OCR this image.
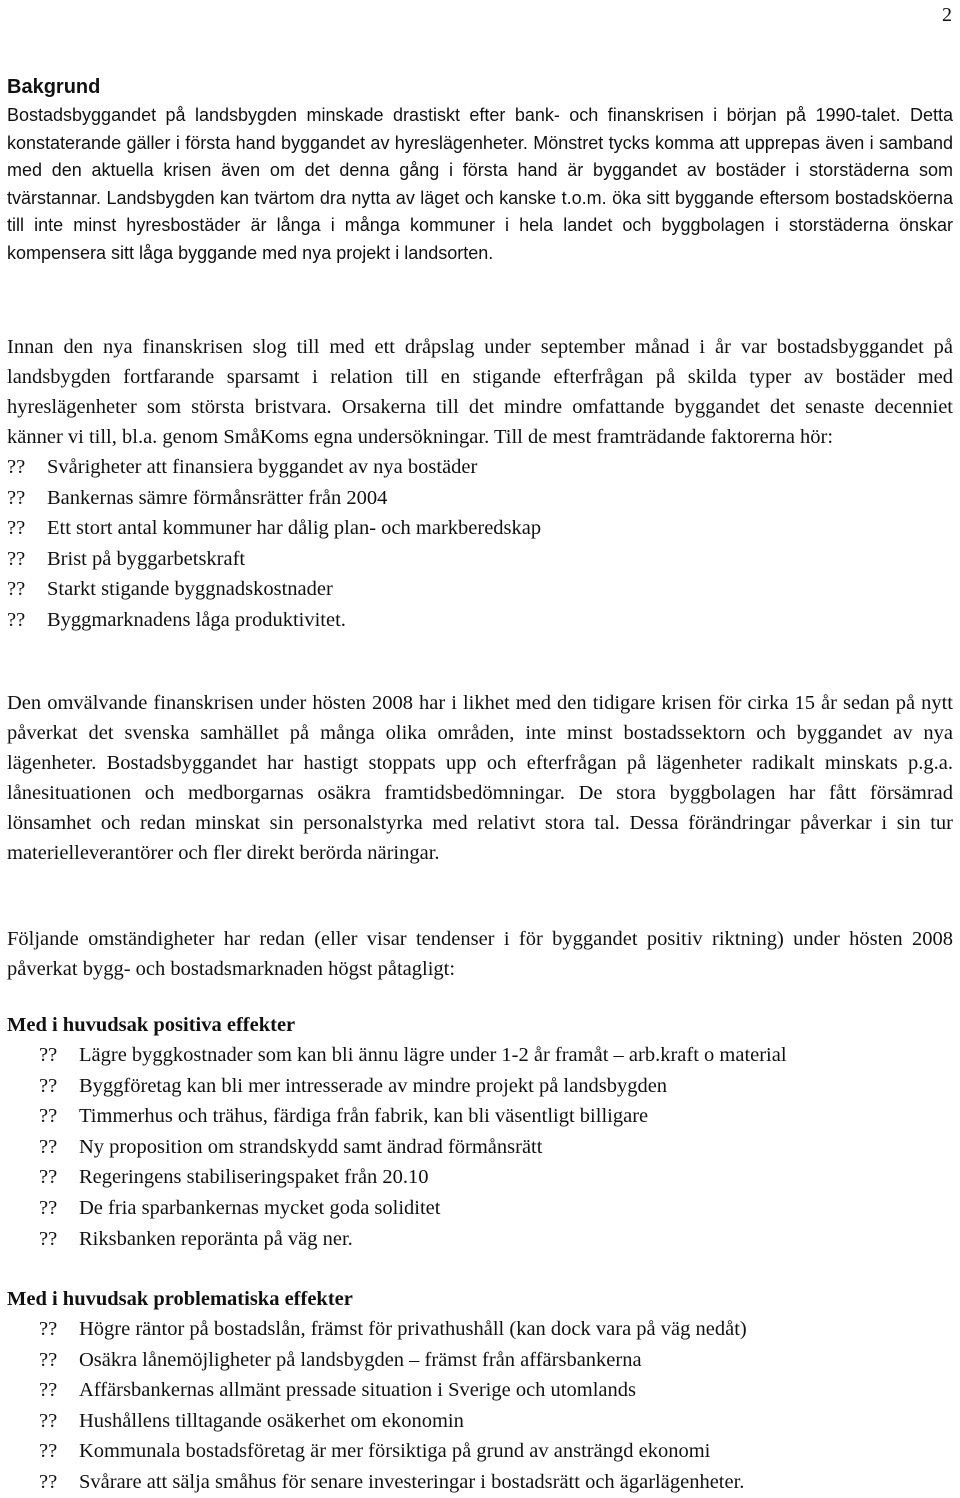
2
Bakgrund

Bostadsbyggandet på landsbygden minskade drastiskt efter bank- och finanskrisen i början på 1990-talet. Detta konstaterande gäller i första hand byggandet av hyreslägenheter. Mönstret tycks komma att upprepas även i samband med den aktuella krisen även om det denna gång i första hand är byggandet av bostäder i storstäderna som tvärstannar. Landsbygden kan tvärtom dra nytta av läget och kanske t.o.m. öka sitt byggande eftersom bostadsköerna till inte minst hyresbostäder är långa i många kommuner i hela landet och byggbolagen i storstäderna önskar kompensera sitt låga byggande med nya projekt i landsorten.

Innan den nya finanskrisen slog till med ett dråpslag under september månad i år var bostadsbyggandet på landsbygden fortfarande sparsamt i relation till en stigande efterfrågan på skilda typer av bostäder med hyreslägenheter som största bristvara. Orsakerna till det mindre omfattande byggandet det senaste decenniet känner vi till, bl.a. genom SmåKoms egna undersökningar. Till de mest framträdande faktorerna hör:

?? Svårigheter att finansiera byggandet av nya bostäder
?? Bankernas sämre förmånsrätter från 2004
?? Ett stort antal kommuner har dålig plan- och markberedskap
?? Brist på byggarbetskraft
?? Starkt stigande byggnadskostnader
?? Byggmarknadens låga produktivitet.

Den omvälvande finanskrisen under hösten 2008 har i likhet med den tidigare krisen för cirka 15 år sedan på nytt påverkat det svenska samhället på många olika områden, inte minst bostadssektorn och byggandet av nya lägenheter. Bostadsbyggandet har hastigt stoppats upp och efterfrågan på lägenheter radikalt minskats p.g.a. lånesituationen och medborgarnas osäkra framtidsbedömningar. De stora byggbolagen har fått försämrad lönsamhet och redan minskat sin personalstyrka med relativt stora tal. Dessa förändringar påverkar i sin tur materielleverantörer och fler direkt berörda näringar.

Följande omständigheter har redan (eller visar tendenser i för byggandet positiv riktning) under hösten 2008 påverkat bygg- och bostadsmarknaden högst påtagligt:

Med i huvudsak positiva effekter
?? Lägre byggkostnader som kan bli ännu lägre under 1-2 år framåt – arb.kraft o material
?? Byggföretag kan bli mer intresserade av mindre projekt på landsbygden
?? Timmerhus och trähus, färdiga från fabrik, kan bli väsentligt billigare
?? Ny proposition om strandskydd samt ändrad förmånsrätt
?? Regeringens stabiliseringspaket från 20.10
?? De fria sparbankernas mycket goda soliditet
?? Riksbanken reporänta på väg ner.
Med i huvudsak problematiska effekter
?? Högre räntor på bostadslån, främst för privathushåll (kan dock vara på väg nedåt)
?? Osäkra lånemöjligheter på landsbygden – främst från affärsbankerna
?? Affärsbankernas allmänt pressade situation i Sverige och utomlands
?? Hushållens tilltagande osäkerhet om ekonomin
?? Kommunala bostadsföretag är mer försiktiga på grund av ansträngd ekonomi
?? Svårare att sälja småhus för senare investeringar i bostadsrätt och ägarlägenheter.
